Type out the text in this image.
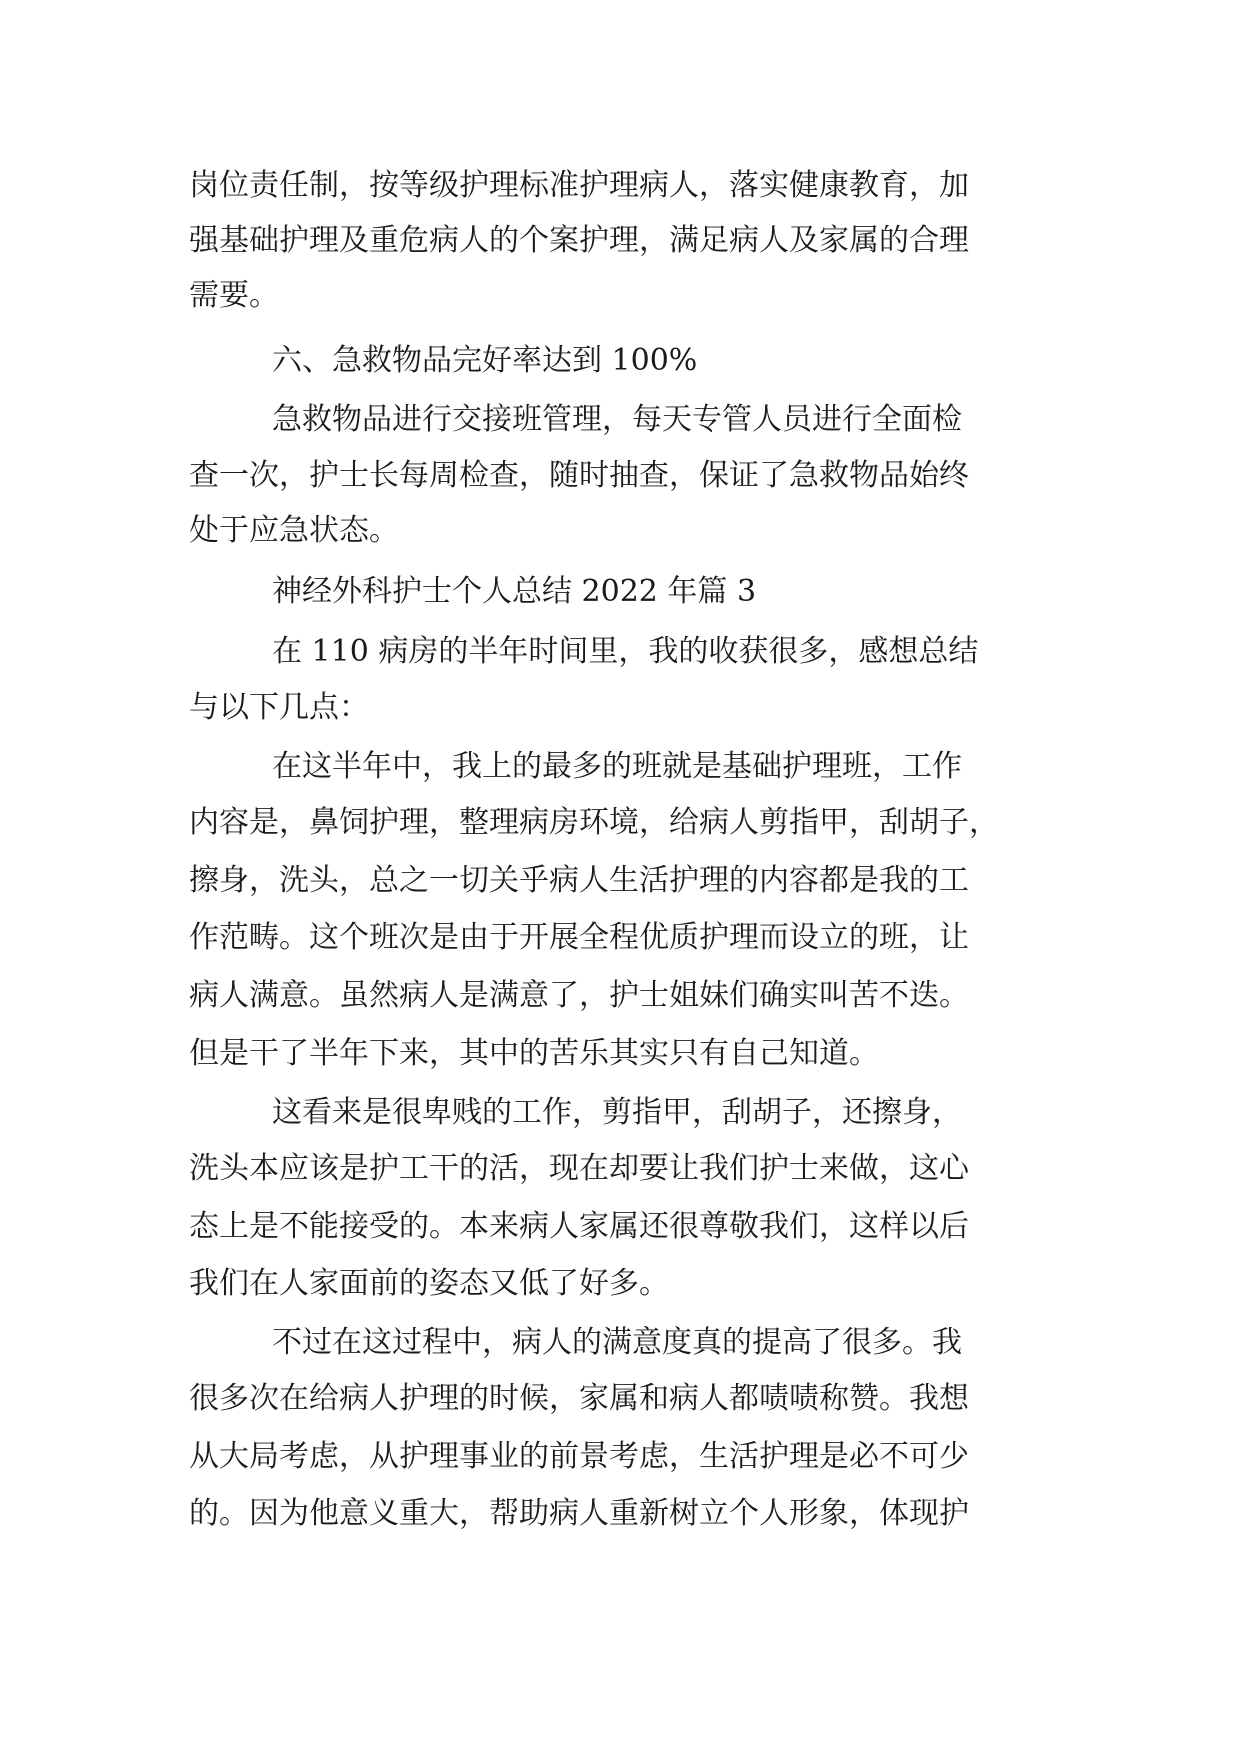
岗位责任制，按等级护理标准护理病人，落实健康教育，加
强基础护理及重危病人的个案护理，满足病人及家属的合理
需要。
六、急救物品完好率达到 100%
急救物品进行交接班管理，每天专管人员进行全面检
查一次，护士长每周检查，随时抽查，保证了急救物品始终
处于应急状态。
神经外科护士个人总结 2022 年篇 3
在 110 病房的半年时间里，我的收获很多，感想总结
与以下几点：
在这半年中，我上的最多的班就是基础护理班，工作
内容是，鼻饲护理，整理病房环境，给病人剪指甲，刮胡子，
擦身，洗头，总之一切关乎病人生活护理的内容都是我的工
作范畴。这个班次是由于开展全程优质护理而设立的班，让
病人满意。虽然病人是满意了，护士姐妹们确实叫苦不迭。
但是干了半年下来，其中的苦乐其实只有自己知道。
这看来是很卑贱的工作，剪指甲，刮胡子，还擦身，
洗头本应该是护工干的活，现在却要让我们护士来做，这心
态上是不能接受的。本来病人家属还很尊敬我们，这样以后
我们在人家面前的姿态又低了好多。
不过在这过程中，病人的满意度真的提高了很多。我
很多次在给病人护理的时候，家属和病人都啧啧称赞。我想
从大局考虑，从护理事业的前景考虑，生活护理是必不可少
的。因为他意义重大，帮助病人重新树立个人形象，体现护
